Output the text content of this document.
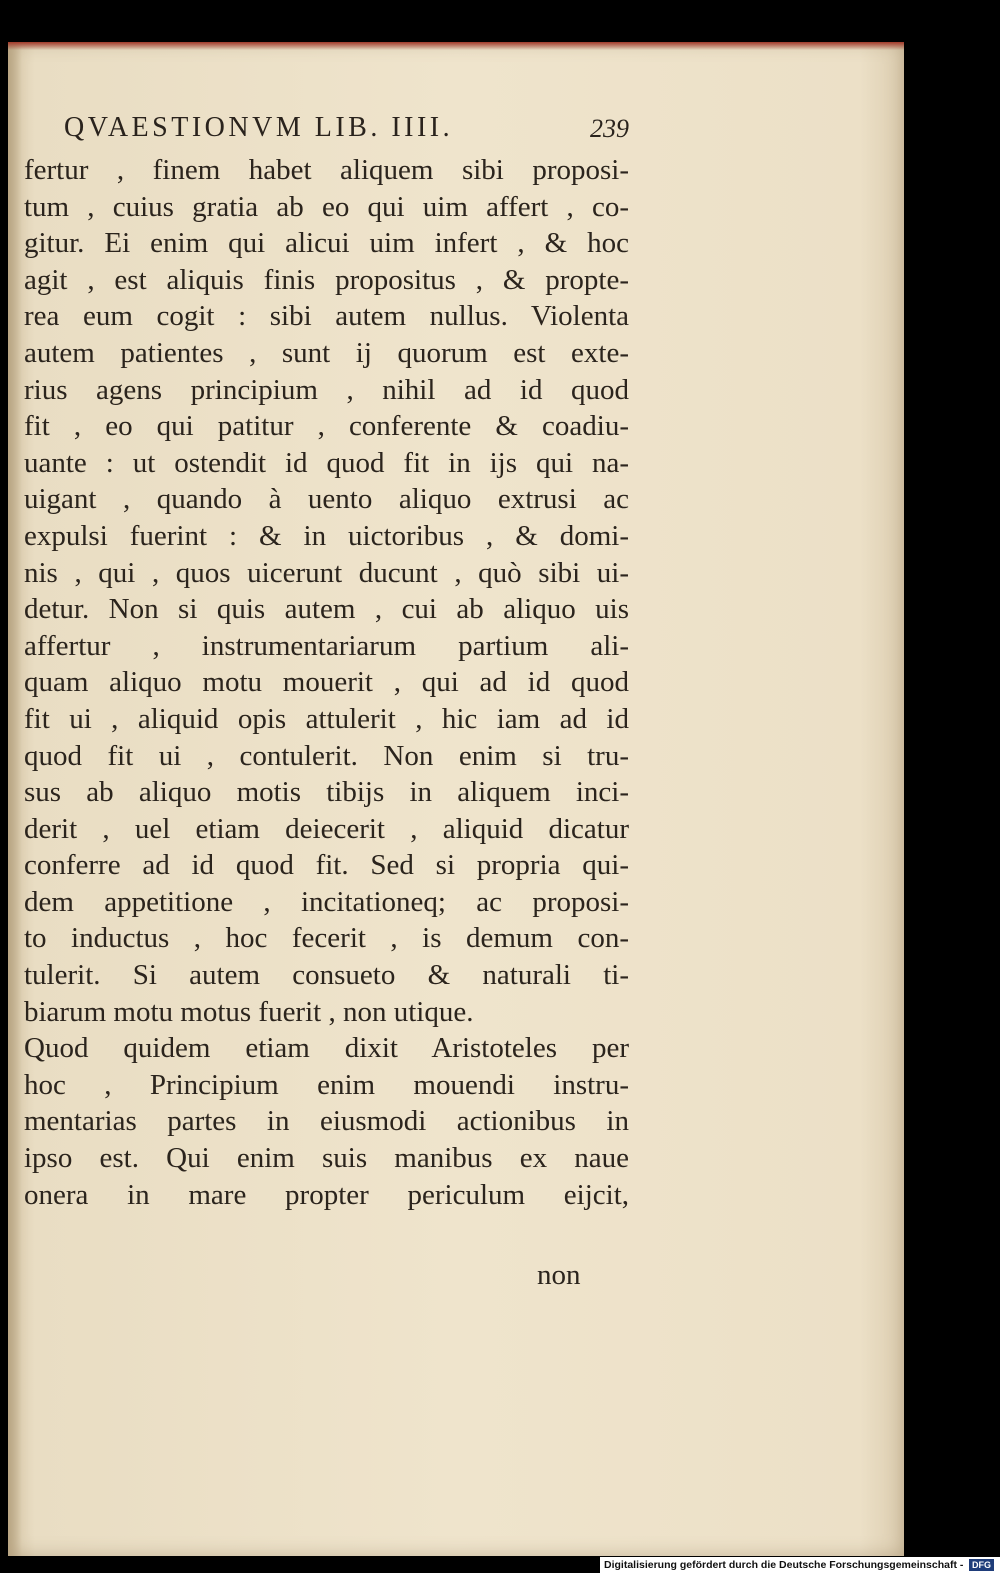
QVAESTIONVM LIB. IIII.	239
fertur , finem habet aliquem sibi proposi-
tum , cuius gratia ab eo qui uim affert , co-
gitur. Ei enim qui alicui uim infert , & hoc
agit , est aliquis finis propositus , & propte-
rea eum cogit : sibi autem nullus. Violenta
autem patientes , sunt ij quorum est exte-
rius agens principium , nihil ad id quod
fit , eo qui patitur , conferente & coadiu-
uante : ut ostendit id quod fit in ijs qui na-
uigant , quando à uento aliquo extrusi ac
expulsi fuerint : & in uictoribus , & domi-
nis , qui , quos uicerunt ducunt , quò sibi ui-
detur. Non si quis autem , cui ab aliquo uis
affertur , instrumentariarum partium ali-
quam aliquo motu mouerit , qui ad id quod
fit ui , aliquid opis attulerit , hic iam ad id
quod fit ui , contulerit. Non enim si tru-
sus ab aliquo motis tibijs in aliquem inci-
derit , uel etiam deiecerit , aliquid dicatur
conferre ad id quod fit. Sed si propria qui-
dem appetitione , incitationeq; ac proposi-
to inductus , hoc fecerit , is demum con-
tulerit. Si autem consueto & naturali ti-
biarum motu motus fuerit , non utique.
Quod quidem etiam dixit Aristoteles per
hoc , Principium enim mouendi instru-
mentarias partes in eiusmodi actionibus in
ipso est. Qui enim suis manibus ex naue
onera in mare propter periculum eijcit,
non
Digitalisierung gefördert durch die Deutsche Forschungsgemeinschaft - DFG
